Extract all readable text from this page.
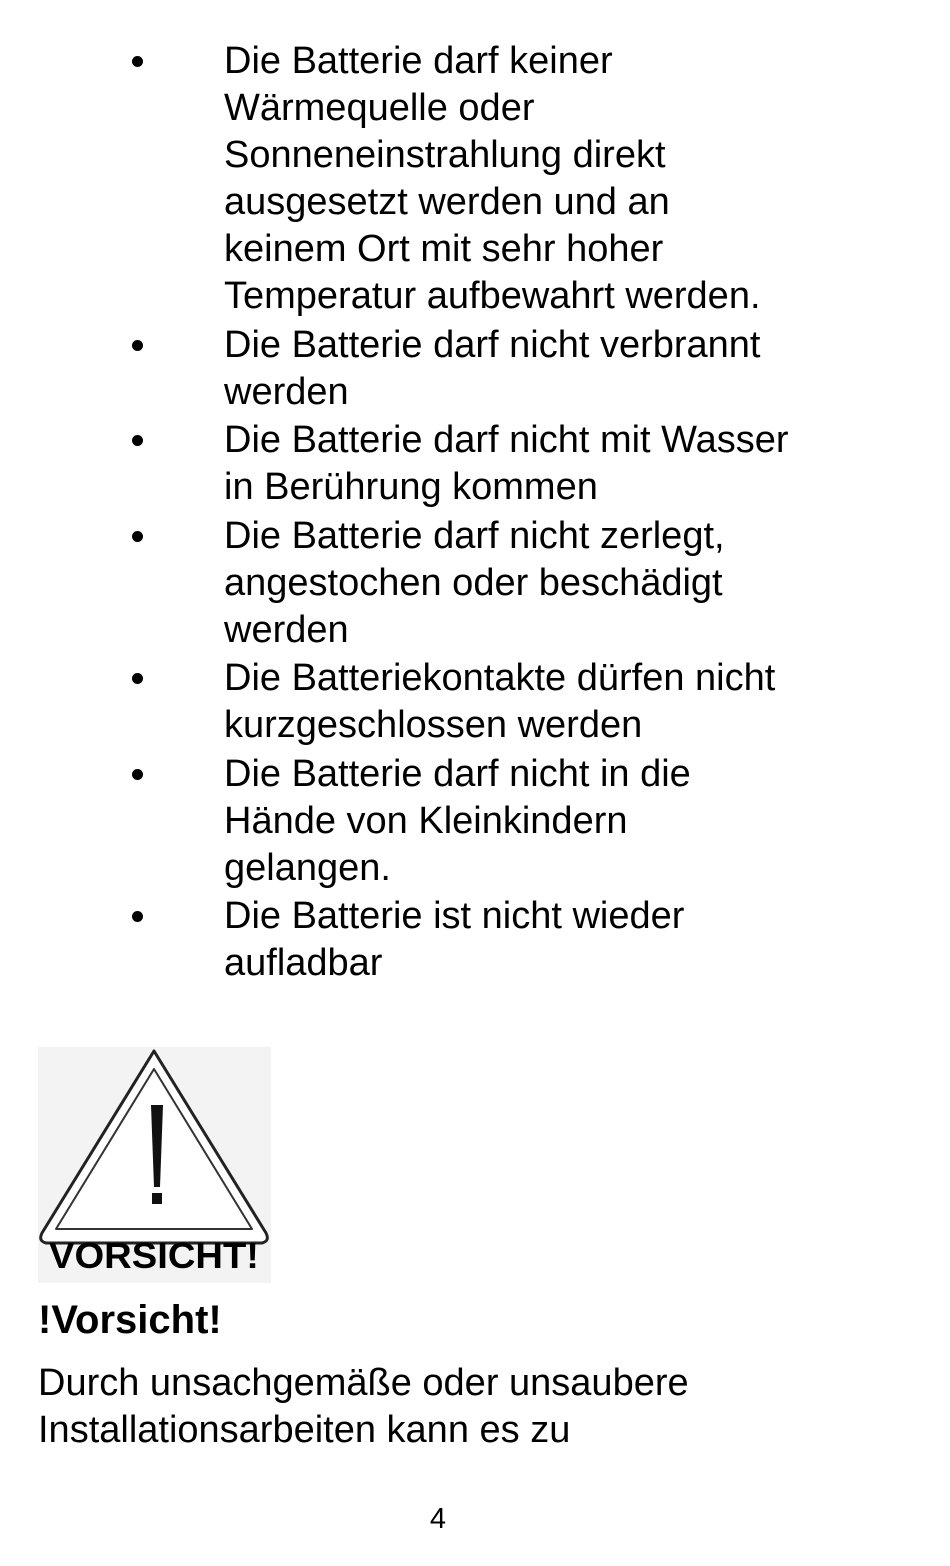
Die Batterie darf keiner
Wärmequelle oder
Sonneneinstrahlung direkt
ausgesetzt werden und an
keinem Ort mit sehr hoher
Temperatur aufbewahrt werden.
Die Batterie darf nicht verbrannt
werden
Die Batterie darf nicht mit Wasser
in Berührung kommen
Die Batterie darf nicht zerlegt,
angestochen oder beschädigt
werden
Die Batteriekontakte dürfen nicht
kurzgeschlossen werden
Die Batterie darf nicht in die
Hände von Kleinkindern
gelangen.
Die Batterie ist nicht wieder
aufladbar
VORSICHT!
!Vorsicht!

Durch unsachgemäße oder unsaubere
Installationsarbeiten kann es zu

4
